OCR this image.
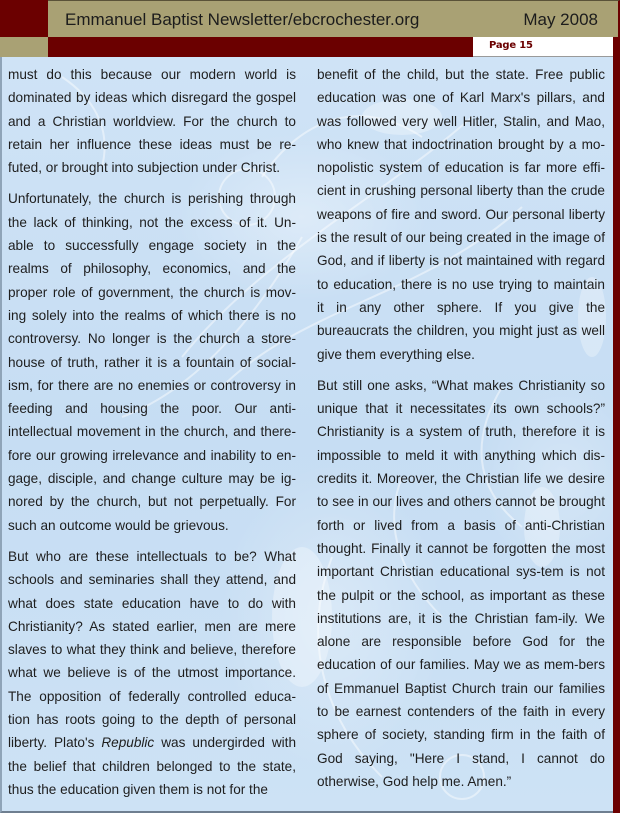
Emmanuel Baptist Newsletter/ebcrochester.org	May 2008
Page 15

must do this because our modern world is dominated by ideas which disregard the gospel and a Christian worldview. For the church to retain her influence these ideas must be re-futed, or brought into subjection under Christ.

Unfortunately, the church is perishing through the lack of thinking, not the excess of it. Un-able to successfully engage society in the realms of philosophy, economics, and the proper role of government, the church is mov-ing solely into the realms of which there is no controversy. No longer is the church a store-house of truth, rather it is a fountain of social-ism, for there are no enemies or controversy in feeding and housing the poor. Our anti-intellectual movement in the church, and there-fore our growing irrelevance and inability to en-gage, disciple, and change culture may be ig-nored by the church, but not perpetually. For such an outcome would be grievous.

But who are these intellectuals to be? What schools and seminaries shall they attend, and what does state education have to do with Christianity? As stated earlier, men are mere slaves to what they think and believe, therefore what we believe is of the utmost importance. The opposition of federally controlled educa-tion has roots going to the depth of personal liberty. Plato's Republic was undergirded with the belief that children belonged to the state, thus the education given them is not for the

benefit of the child, but the state. Free public education was one of Karl Marx's pillars, and was followed very well Hitler, Stalin, and Mao, who knew that indoctrination brought by a mo-nopolistic system of education is far more effi-cient in crushing personal liberty than the crude weapons of fire and sword. Our personal liberty is the result of our being created in the image of God, and if liberty is not maintained with regard to education, there is no use trying to maintain it in any other sphere. If you give the bureaucrats the children, you might just as well give them everything else.

But still one asks, “What makes Christianity so unique that it necessitates its own schools?” Christianity is a system of truth, therefore it is impossible to meld it with anything which dis-credits it. Moreover, the Christian life we desire to see in our lives and others cannot be brought forth or lived from a basis of anti-Christian thought. Finally it cannot be forgotten the most important Christian educational sys-tem is not the pulpit or the school, as important as these institutions are, it is the Christian fam-ily. We alone are responsible before God for the education of our families. May we as mem-bers of Emmanuel Baptist Church train our families to be earnest contenders of the faith in every sphere of society, standing firm in the faith of God saying, "Here I stand, I cannot do otherwise, God help me. Amen.”
